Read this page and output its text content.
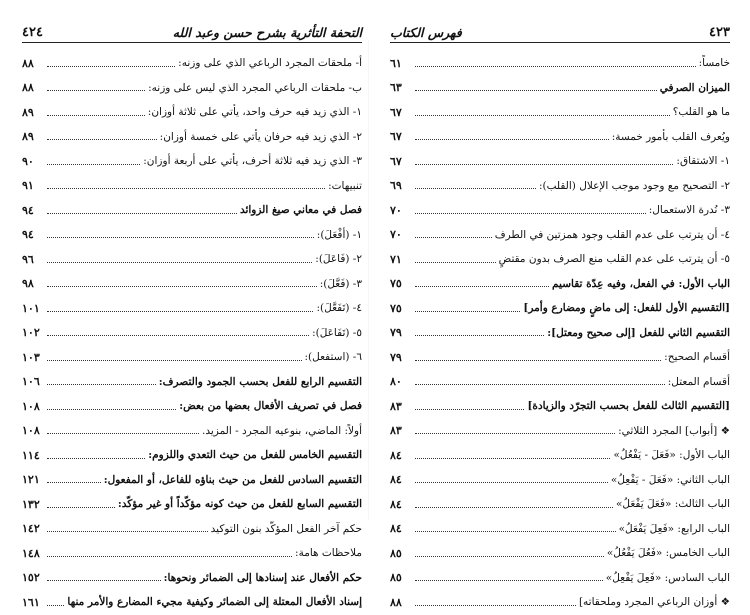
التحفة التأثرية بشرح حسن وعبد الله
٤٢٤
أ- ملحقات المجرد الرباعي الذي على وزنه:
٨٨
ب- ملحقات الرباعي المجرد الذي ليس على وزنه:
٨٨
١- الذي زيد فيه حرف واحد، يأتي على ثلاثة أوزان:
٨٩
٢- الذي زيد فيه حرفان يأتي على خمسة أوزان:
٨٩
٣- الذي زيد فيه ثلاثة أحرف، يأتي على أربعة أوزان:
٩٠
تنبيهات:
٩١
فصل في معاني صيغ الزوائد
٩٤
١- (أفْعَلَ):
٩٤
٢- (فَاعَلَ):
٩٦
٣- (فَعَّلَ):
٩٨
٤- (تَفَعَّلَ):
١٠١
٥- (تَفَاعَلَ):
١٠٢
٦- (استفعل):
١٠٣
التقسيم الرابع للفعل بحسب الجمود والتصرف:
١٠٦
فصل في تصريف الأفعال بعضها من بعض:
١٠٨
أولاً: الماضي، بنوعيه المجرد - المزيد.
١٠٨
التقسيم الخامس للفعل من حيث التعدي واللزوم:
١١٤
التقسيم السادس للفعل من حيث بناؤه للفاعل، أو المفعول:
١٢١
التقسيم السابع للفعل من حيث كونه مؤكّداً أو غير مؤكّد:
١٣٢
حكم آخر الفعل المؤكّد بنون التوكيد
١٤٢
ملاحظات هامة:
١٤٨
حكم الأفعال عند إسنادها إلى الضمائر ونحوها:
١٥٢
إسناد الأفعال المعتلة إلى الضمائر وكيفية مجيء المضارع والأمر منها
١٦١
٤٢٣
فهرس الكتاب
خامساً:
٦١
الميزان الصرفي
٦٣
ما هو القلب؟
٦٧
ويُعرف القلب بأمور خمسة:
٦٧
١- الاشتقاق:
٦٧
٢- التصحيح مع وجود موجب الإعلال (القلب):
٦٩
٣- نُدرة الاستعمال:
٧٠
٤- أن يترتب على عدم القلب وجود همزتين في الطرف
٧٠
٥- أن يترتب على عدم القلب منع الصرف بدون مقتضٍ
٧١
الباب الأول: في الفعل، وفيه عِدّة تقاسيم
٧٥
[التقسيم الأول للفعل: إلى ماضٍ ومضارع وأمر]
٧٥
التقسيم الثاني للفعل [إلى صحيح ومعتل]:
٧٩
أقسام الصحيح:
٧٩
أقسام المعتل:
٨٠
[التقسيم الثالث للفعل بحسب التجرّد والزيادة]
٨٣
❖ [أبواب] المجرد الثلاثي:
٨٣
الباب الأول: «فَعَلَ - يَفْعُلُ»
٨٤
الباب الثاني: «فَعَلَ - يَفْعِلُ»
٨٤
الباب الثالث: «فَعَلَ يَفْعَلُ»
٨٤
الباب الرابع: «فَعِلَ يَفْعَلُ»
٨٤
الباب الخامس: «فَعُلَ يَفْعُلُ»
٨٥
الباب السادس: «فَعِلَ يَفْعِلُ»
٨٥
❖ أوزان الرباعي المجرد وملحقاته]
٨٨
